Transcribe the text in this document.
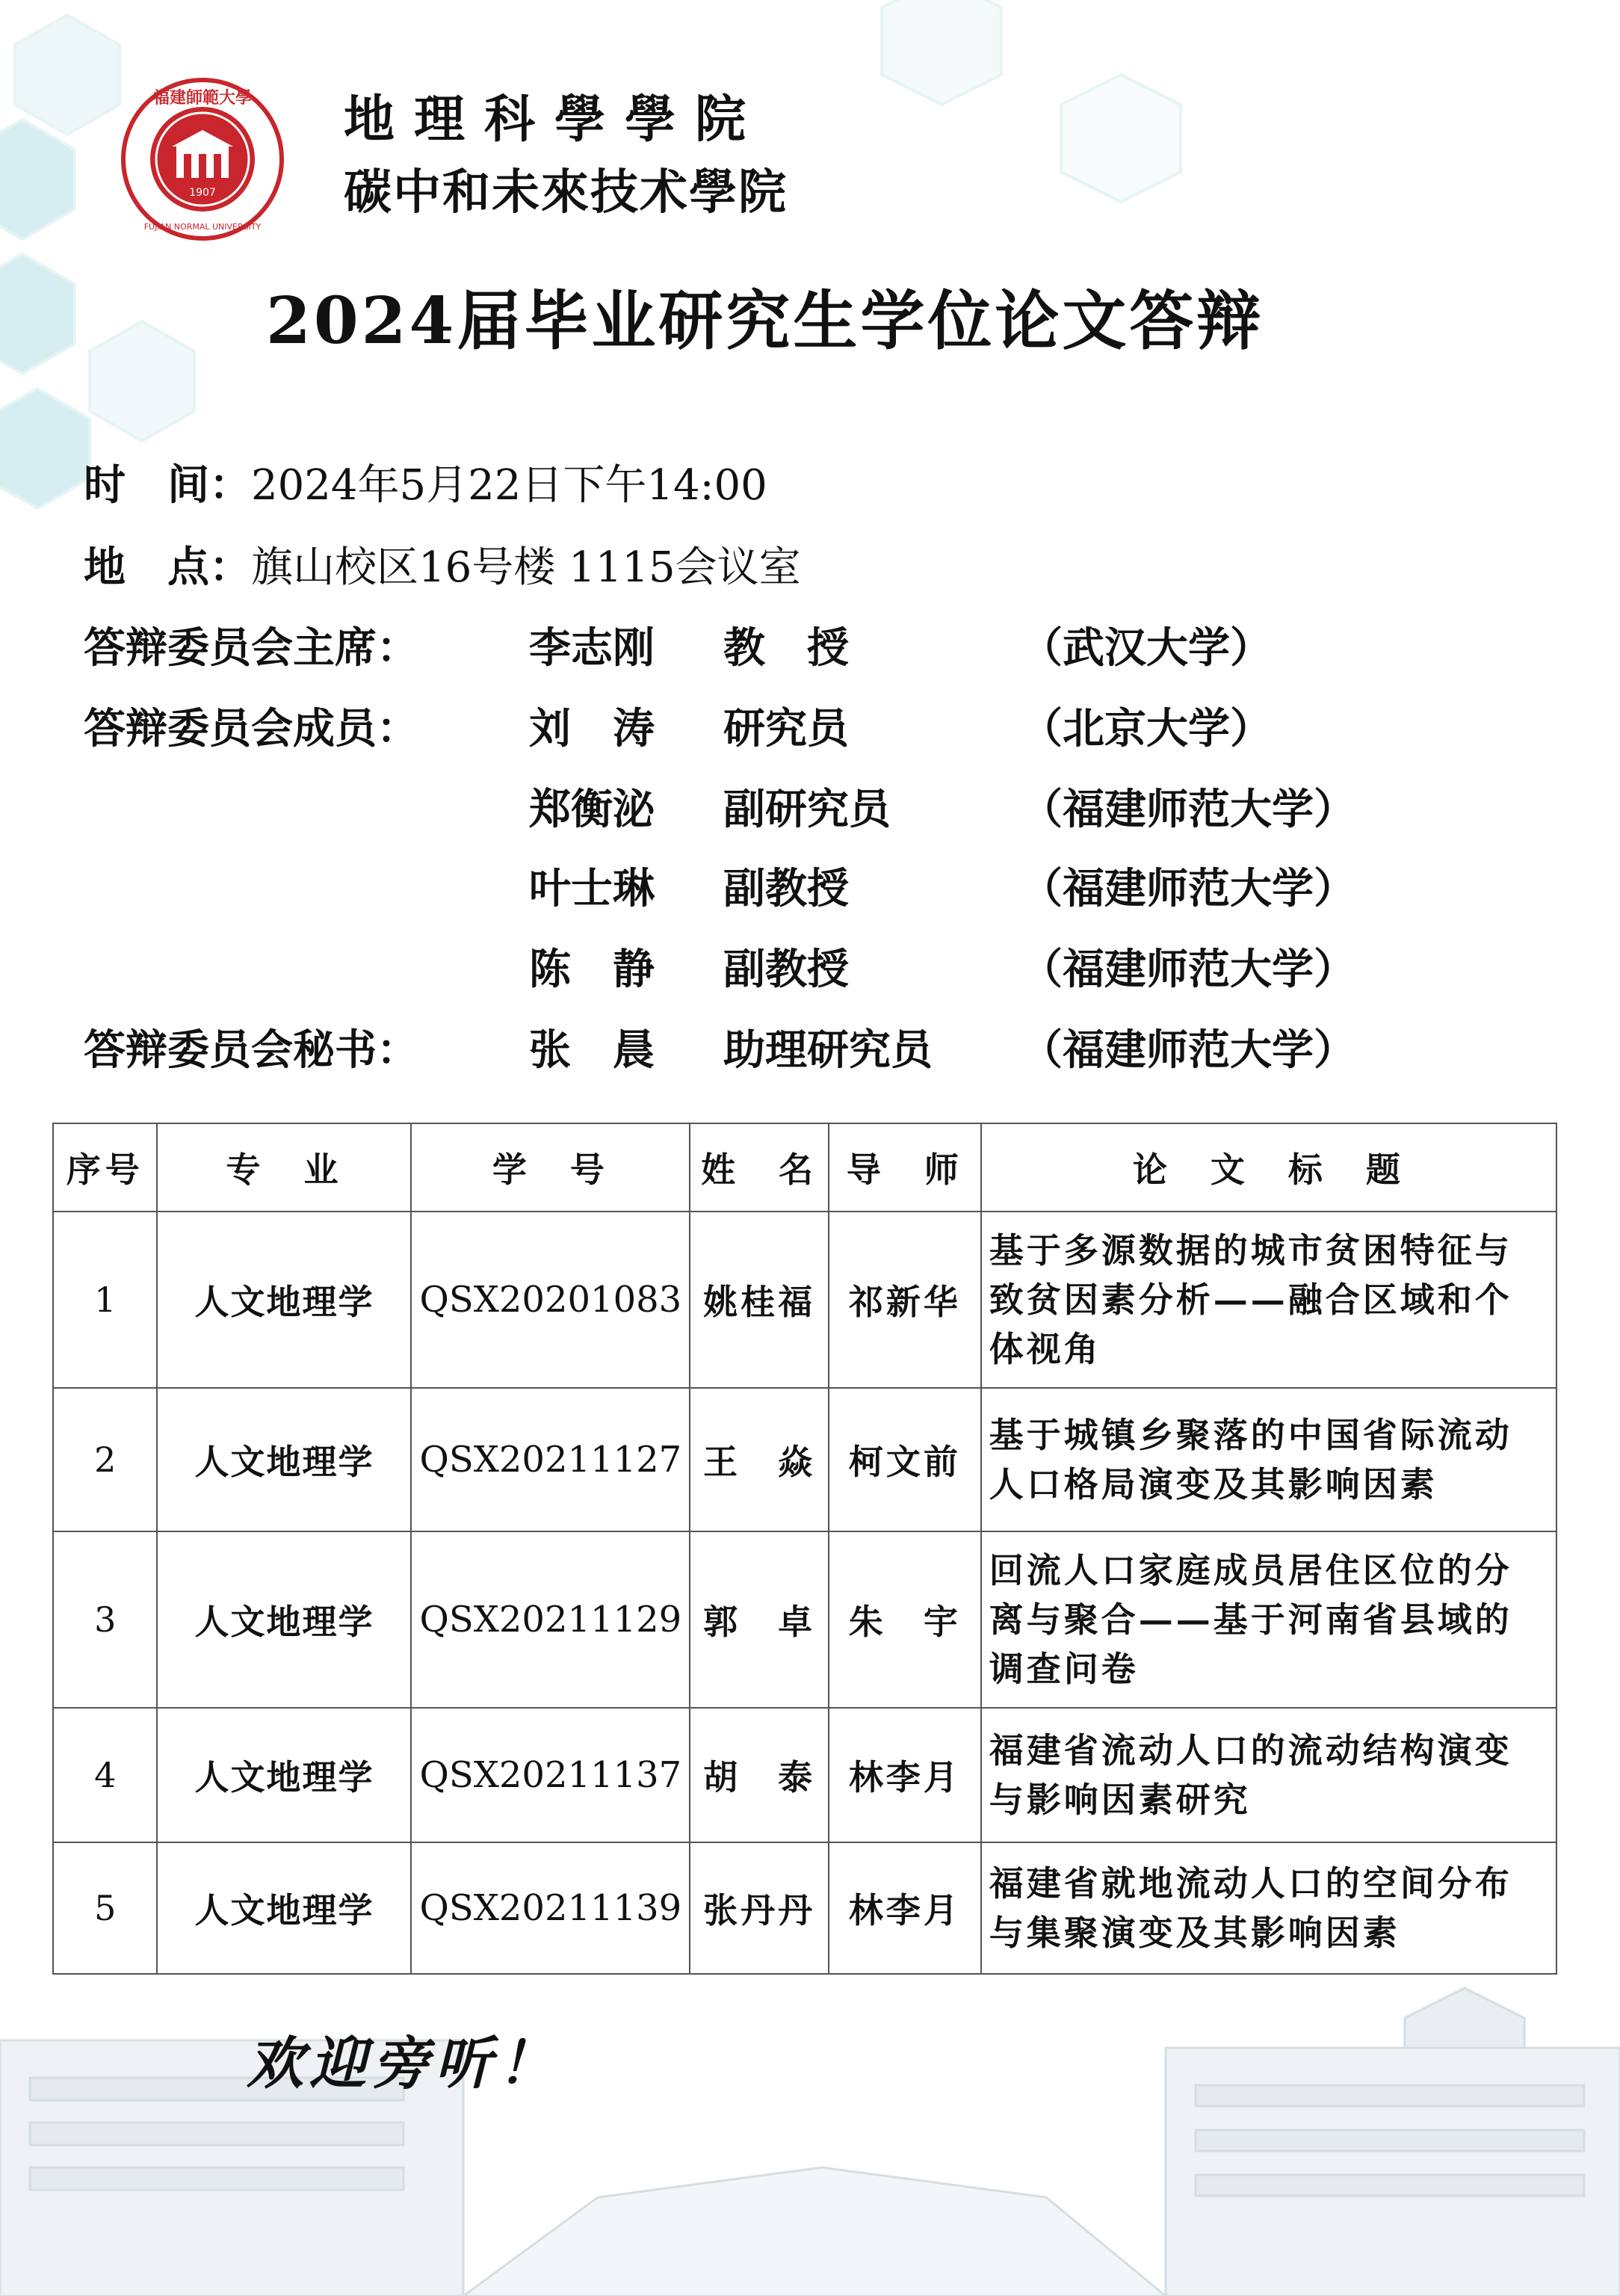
1907
福建師範大學
FUJIAN NORMAL UNIVERSITY
地理科學學院
碳中和未來技术學院
2024届毕业研究生学位论文答辩
时　间：2024年5月22日下午14:00
地　点：旗山校区16号楼 1115会议室
答辩委员会主席：	李志刚 教　授	（武汉大学）
答辩委员会成员：	刘　涛 研究员	（北京大学）
郑衡泌 副研究员	（福建师范大学）
叶士琳 副教授	（福建师范大学）
陈　静 副教授	（福建师范大学）
答辩委员会秘书：	张　晨 助理研究员 （福建师范大学）
序号	专　业	学　号	姓　名	导　师	论　文　标　题
1	人文地理学	QSX20201083	姚桂福	祁新华	基于多源数据的城市贫困特征与致贫因素分析——融合区域和个体视角
2	人文地理学	QSX20211127	王　焱	柯文前	基于城镇乡聚落的中国省际流动人口格局演变及其影响因素
3	人文地理学	QSX20211129	郭　卓	朱　宇	回流人口家庭成员居住区位的分离与聚合——基于河南省县域的调查问卷
4	人文地理学	QSX20211137	胡　泰	林李月	福建省流动人口的流动结构演变与影响因素研究
5	人文地理学	QSX20211139	张丹丹	林李月	福建省就地流动人口的空间分布与集聚演变及其影响因素
欢迎旁听！
